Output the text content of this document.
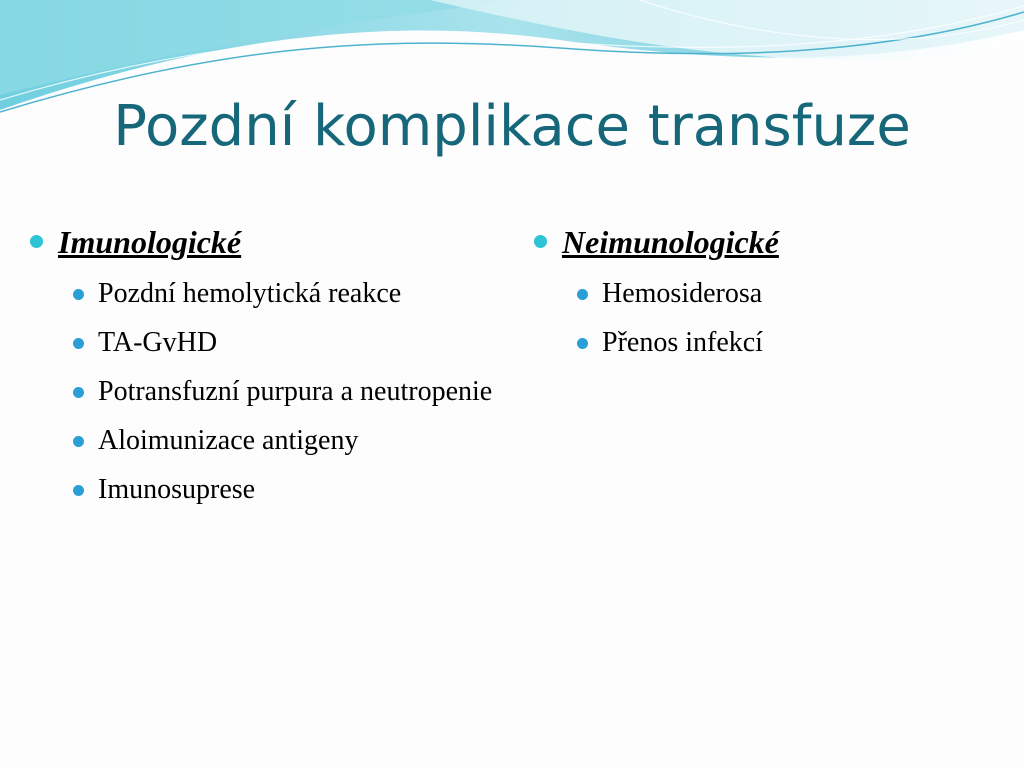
Pozdní komplikace transfuze
Imunologické
Pozdní hemolytická reakce
TA-GvHD
Potransfuzní purpura a neutropenie
Aloimunizace antigeny
Imunosuprese
Neimunologické
Hemosiderosa
Přenos infekcí
